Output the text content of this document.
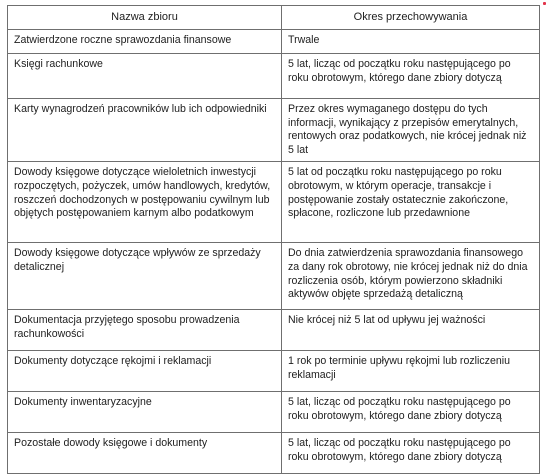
Nazwa zbioru	Okres przechowywania

Zatwierdzone roczne sprawozdania finansowe	Trwale

Księgi rachunkowe	5 lat, licząc od początku roku następującego po roku obrotowym, którego dane zbiory dotyczą

Karty wynagrodzeń pracowników lub ich odpowiedniki	Przez okres wymaganego dostępu do tych informacji, wynikający z przepisów emerytalnych, rentowych oraz podatkowych, nie krócej jednak niż 5 lat

Dowody księgowe dotyczące wieloletnich inwestycji rozpoczętych, pożyczek, umów handlowych, kredytów, roszczeń dochodzonych w postępowaniu cywilnym lub objętych postępowaniem karnym albo podatkowym	5 lat od początku roku następującego po roku obrotowym, w którym operacje, transakcje i postępowanie zostały ostatecznie zakończone, spłacone, rozliczone lub przedawnione

Dowody księgowe dotyczące wpływów ze sprzedaży detalicznej	Do dnia zatwierdzenia sprawozdania finansowego za dany rok obrotowy, nie krócej jednak niż do dnia rozliczenia osób, którym powierzono składniki aktywów objęte sprzedażą detaliczną

Dokumentacja przyjętego sposobu prowadzenia rachunkowości	Nie krócej niż 5 lat od upływu jej ważności

Dokumenty dotyczące rękojmi i reklamacji	1 rok po terminie upływu rękojmi lub rozliczeniu reklamacji

Dokumenty inwentaryzacyjne	5 lat, licząc od początku roku następującego po roku obrotowym, którego dane zbiory dotyczą

Pozostałe dowody księgowe i dokumenty	5 lat, licząc od początku roku następującego po roku obrotowym, którego dane zbiory dotyczą
